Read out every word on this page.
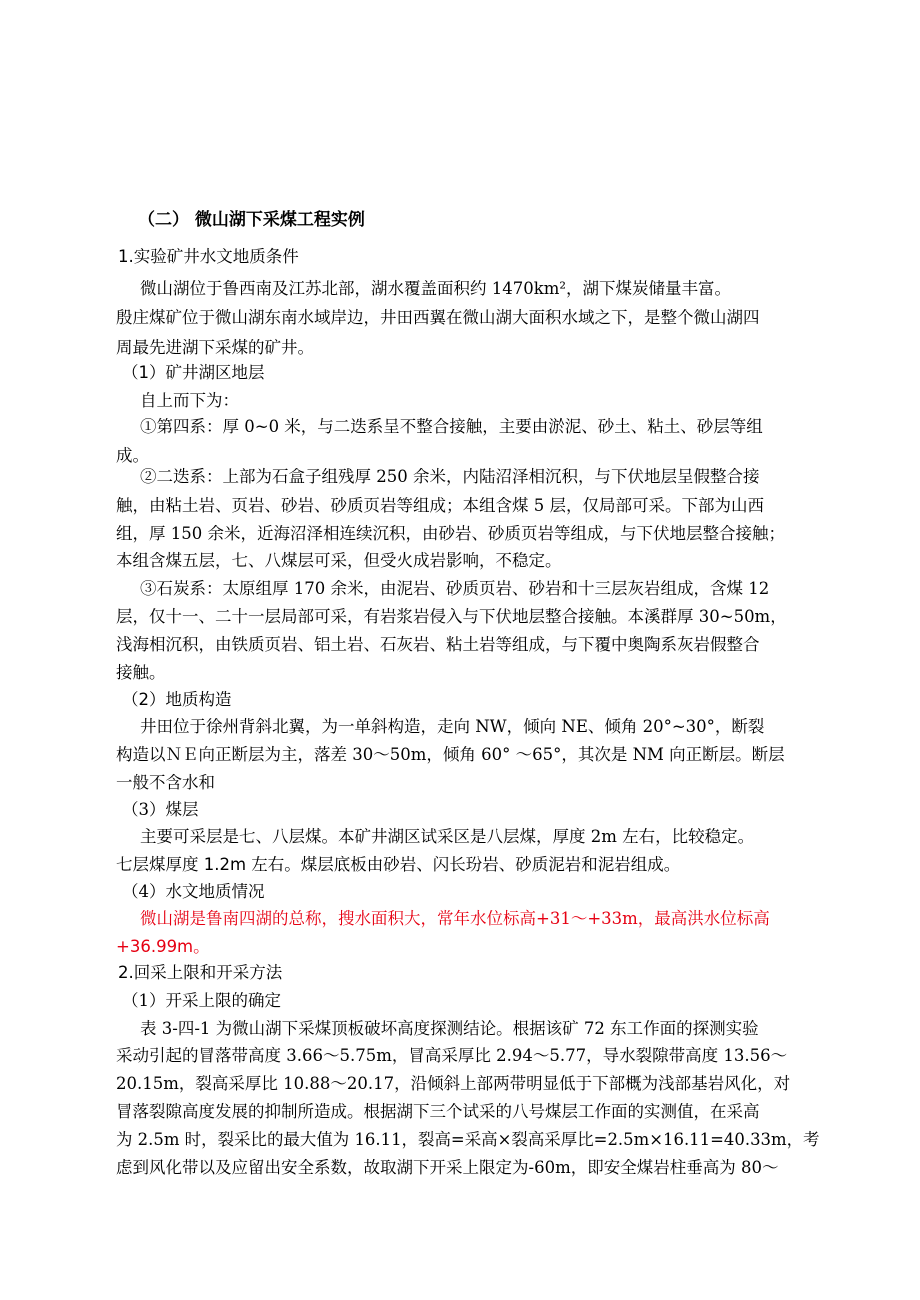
（二） 微山湖下采煤工程实例
1.实验矿井水文地质条件
微山湖位于鲁西南及江苏北部，湖水覆盖面积约 1470km²，湖下煤炭储量丰富。
殷庄煤矿位于微山湖东南水域岸边，井田西翼在微山湖大面积水域之下，是整个微山湖四
周最先进湖下采煤的矿井。
（1）矿井湖区地层
自上而下为：
①第四系：厚 0~0 米，与二迭系呈不整合接触，主要由淤泥、砂土、粘土、砂层等组
成。
②二迭系：上部为石盒子组残厚 250 余米，内陆沼泽相沉积，与下伏地层呈假整合接
触，由粘土岩、页岩、砂岩、砂质页岩等组成；本组含煤 5 层，仅局部可采。下部为山西
组，厚 150 余米，近海沼泽相连续沉积，由砂岩、砂质页岩等组成，与下伏地层整合接触；
本组含煤五层，七、八煤层可采，但受火成岩影响，不稳定。
③石炭系：太原组厚 170 余米，由泥岩、砂质页岩、砂岩和十三层灰岩组成，含煤 12
层，仅十一、二十一层局部可采，有岩浆岩侵入与下伏地层整合接触。本溪群厚 30~50m，
浅海相沉积，由铁质页岩、铝土岩、石灰岩、粘土岩等组成，与下覆中奥陶系灰岩假整合
接触。
（2）地质构造
井田位于徐州背斜北翼，为一单斜构造，走向 NW，倾向 NE、倾角 20°~30°，断裂
构造以ＮＥ向正断层为主，落差 30～50m，倾角 60° ～65°，其次是 NM 向正断层。断层
一般不含水和
（3）煤层
主要可采层是七、八层煤。本矿井湖区试采区是八层煤，厚度 2m 左右，比较稳定。
七层煤厚度 1.2m 左右。煤层底板由砂岩、闪长玢岩、砂质泥岩和泥岩组成。
（4）水文地质情况
微山湖是鲁南四湖的总称，搜水面积大，常年水位标高+31～+33m，最高洪水位标高
+36.99m。
2.回采上限和开采方法
（1）开采上限的确定
表 3-四-1 为微山湖下采煤顶板破坏高度探测结论。根据该矿 72 东工作面的探测实验
采动引起的冒落带高度 3.66～5.75m，冒高采厚比 2.94～5.77，导水裂隙带高度 13.56～
20.15m，裂高采厚比 10.88～20.17，沿倾斜上部两带明显低于下部概为浅部基岩风化，对
冒落裂隙高度发展的抑制所造成。根据湖下三个试采的八号煤层工作面的实测值，在采高
为 2.5m 时，裂采比的最大值为 16.11，裂高=采高×裂高采厚比=2.5m×16.11=40.33m，考
虑到风化带以及应留出安全系数，故取湖下开采上限定为-60m，即安全煤岩柱垂高为 80～
